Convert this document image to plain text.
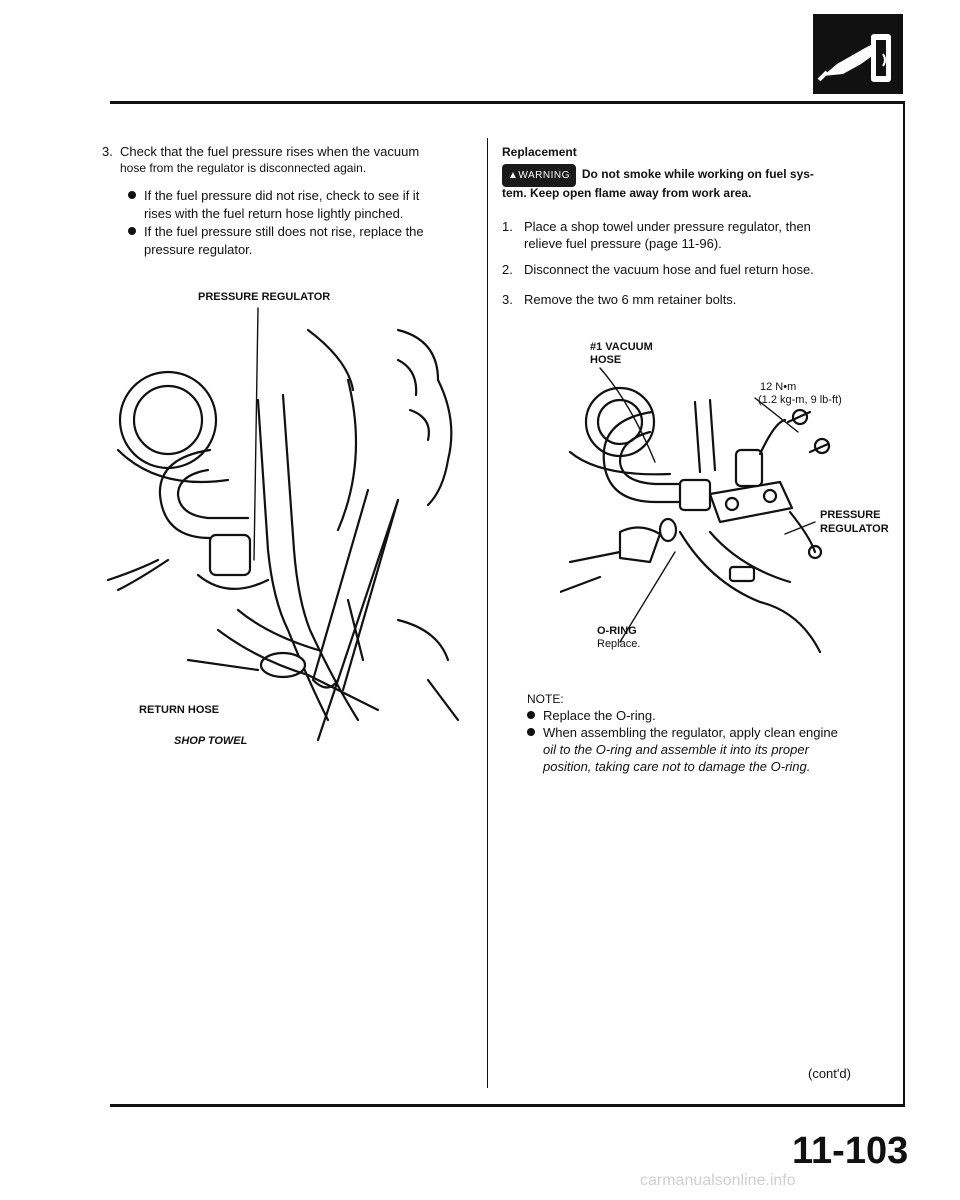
3. Check that the fuel pressure rises when the vacuum
hose from the regulator is disconnected again.
If the fuel pressure did not rise, check to see if it
rises with the fuel return hose lightly pinched.
If the fuel pressure still does not rise, replace the
pressure regulator.
PRESSURE REGULATOR
RETURN HOSE
SHOP TOWEL
Replacement
▲WARNING Do not smoke while working on fuel sys-
tem. Keep open flame away from work area.
1. Place a shop towel under pressure regulator, then
relieve fuel pressure (page 11-96).
2. Disconnect the vacuum hose and fuel return hose.
3. Remove the two 6 mm retainer bolts.
#1 VACUUM
HOSE
12 N•m
(1.2 kg-m, 9 lb-ft)
PRESSURE
REGULATOR
O-RING
Replace.
NOTE:
Replace the O-ring.
When assembling the regulator, apply clean engine
oil to the O-ring and assemble it into its proper
position, taking care not to damage the O-ring.
(cont'd)
11-103
carmanualsonline.info
